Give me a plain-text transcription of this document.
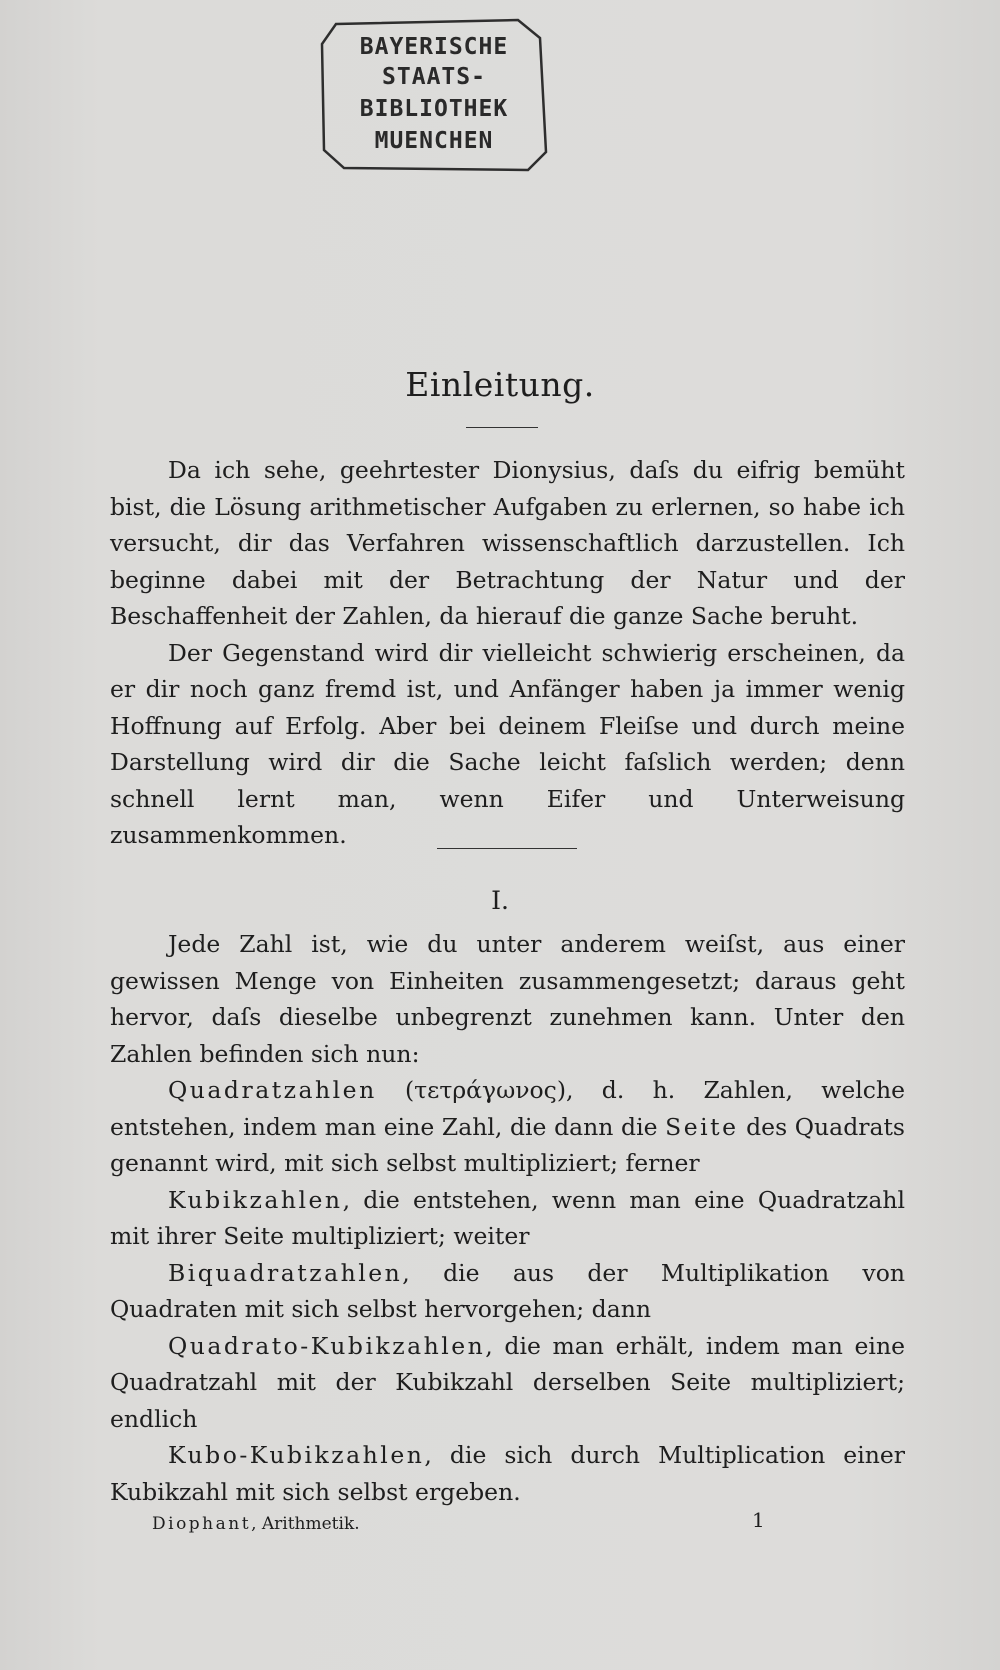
BAYERISCHE
STAATS-
BIBLIOTHEK
MUENCHEN
Einleitung.

Da ich sehe, geehrtester Dionysius, daſs du eifrig bemüht bist, die Lösung arithmetischer Aufgaben zu erlernen, so habe ich versucht, dir das Verfahren wissenschaftlich darzustellen. Ich beginne dabei mit der Betrachtung der Natur und der Beschaffenheit der Zahlen, da hierauf die ganze Sache beruht.

Der Gegenstand wird dir vielleicht schwierig erscheinen, da er dir noch ganz fremd ist, und Anfänger haben ja immer wenig Hoffnung auf Erfolg. Aber bei deinem Fleiſse und durch meine Darstellung wird dir die Sache leicht faſslich werden; denn schnell lernt man, wenn Eifer und Unterweisung zusammenkommen.

I.

Jede Zahl ist, wie du unter anderem weiſst, aus einer gewissen Menge von Einheiten zusammengesetzt; daraus geht hervor, daſs dieselbe unbegrenzt zunehmen kann. Unter den Zahlen befinden sich nun:

Quadratzahlen (τετράγωνος), d. h. Zahlen, welche entstehen, indem man eine Zahl, die dann die Seite des Quadrats genannt wird, mit sich selbst multipliziert; ferner

Kubikzahlen, die entstehen, wenn man eine Quadratzahl mit ihrer Seite multipliziert; weiter

Biquadratzahlen, die aus der Multiplikation von Quadraten mit sich selbst hervorgehen; dann

Quadrato-Kubikzahlen, die man erhält, indem man eine Quadratzahl mit der Kubikzahl derselben Seite multipliziert; endlich

Kubo-Kubikzahlen, die sich durch Multiplication einer Kubikzahl mit sich selbst ergeben.

Diophant, Arithmetik.	1
